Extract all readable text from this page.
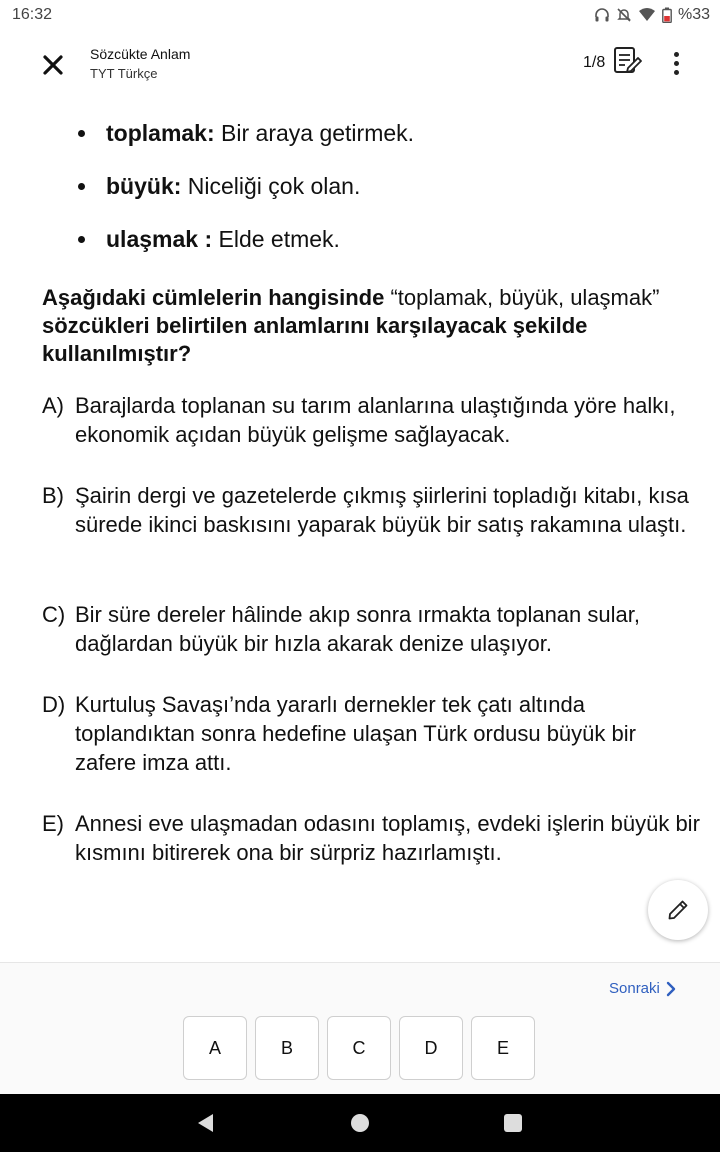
16:32	%33
Sözcükte Anlam
TYT Türkçe
1/8
toplamak: Bir araya getirmek.
büyük: Niceliği çok olan.
ulaşmak : Elde etmek.
Aşağıdaki cümlelerin hangisinde “toplamak, büyük, ulaşmak” sözcükleri belirtilen anlamlarını karşılayacak şekilde kullanılmıştır?
A) Barajlarda toplanan su tarım alanlarına ulaştığında yöre halkı, ekonomik açıdan büyük gelişme sağlayacak.
B) Şairin dergi ve gazetelerde çıkmış şiirlerini topladığı kitabı, kısa sürede ikinci baskısını yaparak büyük bir satış rakamına ulaştı.
C) Bir süre dereler hâlinde akıp sonra ırmakta toplanan sular, dağlardan büyük bir hızla akarak denize ulaşıyor.
D) Kurtuluş Savaşı’nda yararlı dernekler tek çatı altında toplandıktan sonra hedefine ulaşan Türk ordusu büyük bir zafere imza attı.
E) Annesi eve ulaşmadan odasını toplamış, evdeki işlerin büyük bir kısmını bitirerek ona bir sürpriz hazırlamıştı.
Sonraki
A	B	C	D	E
